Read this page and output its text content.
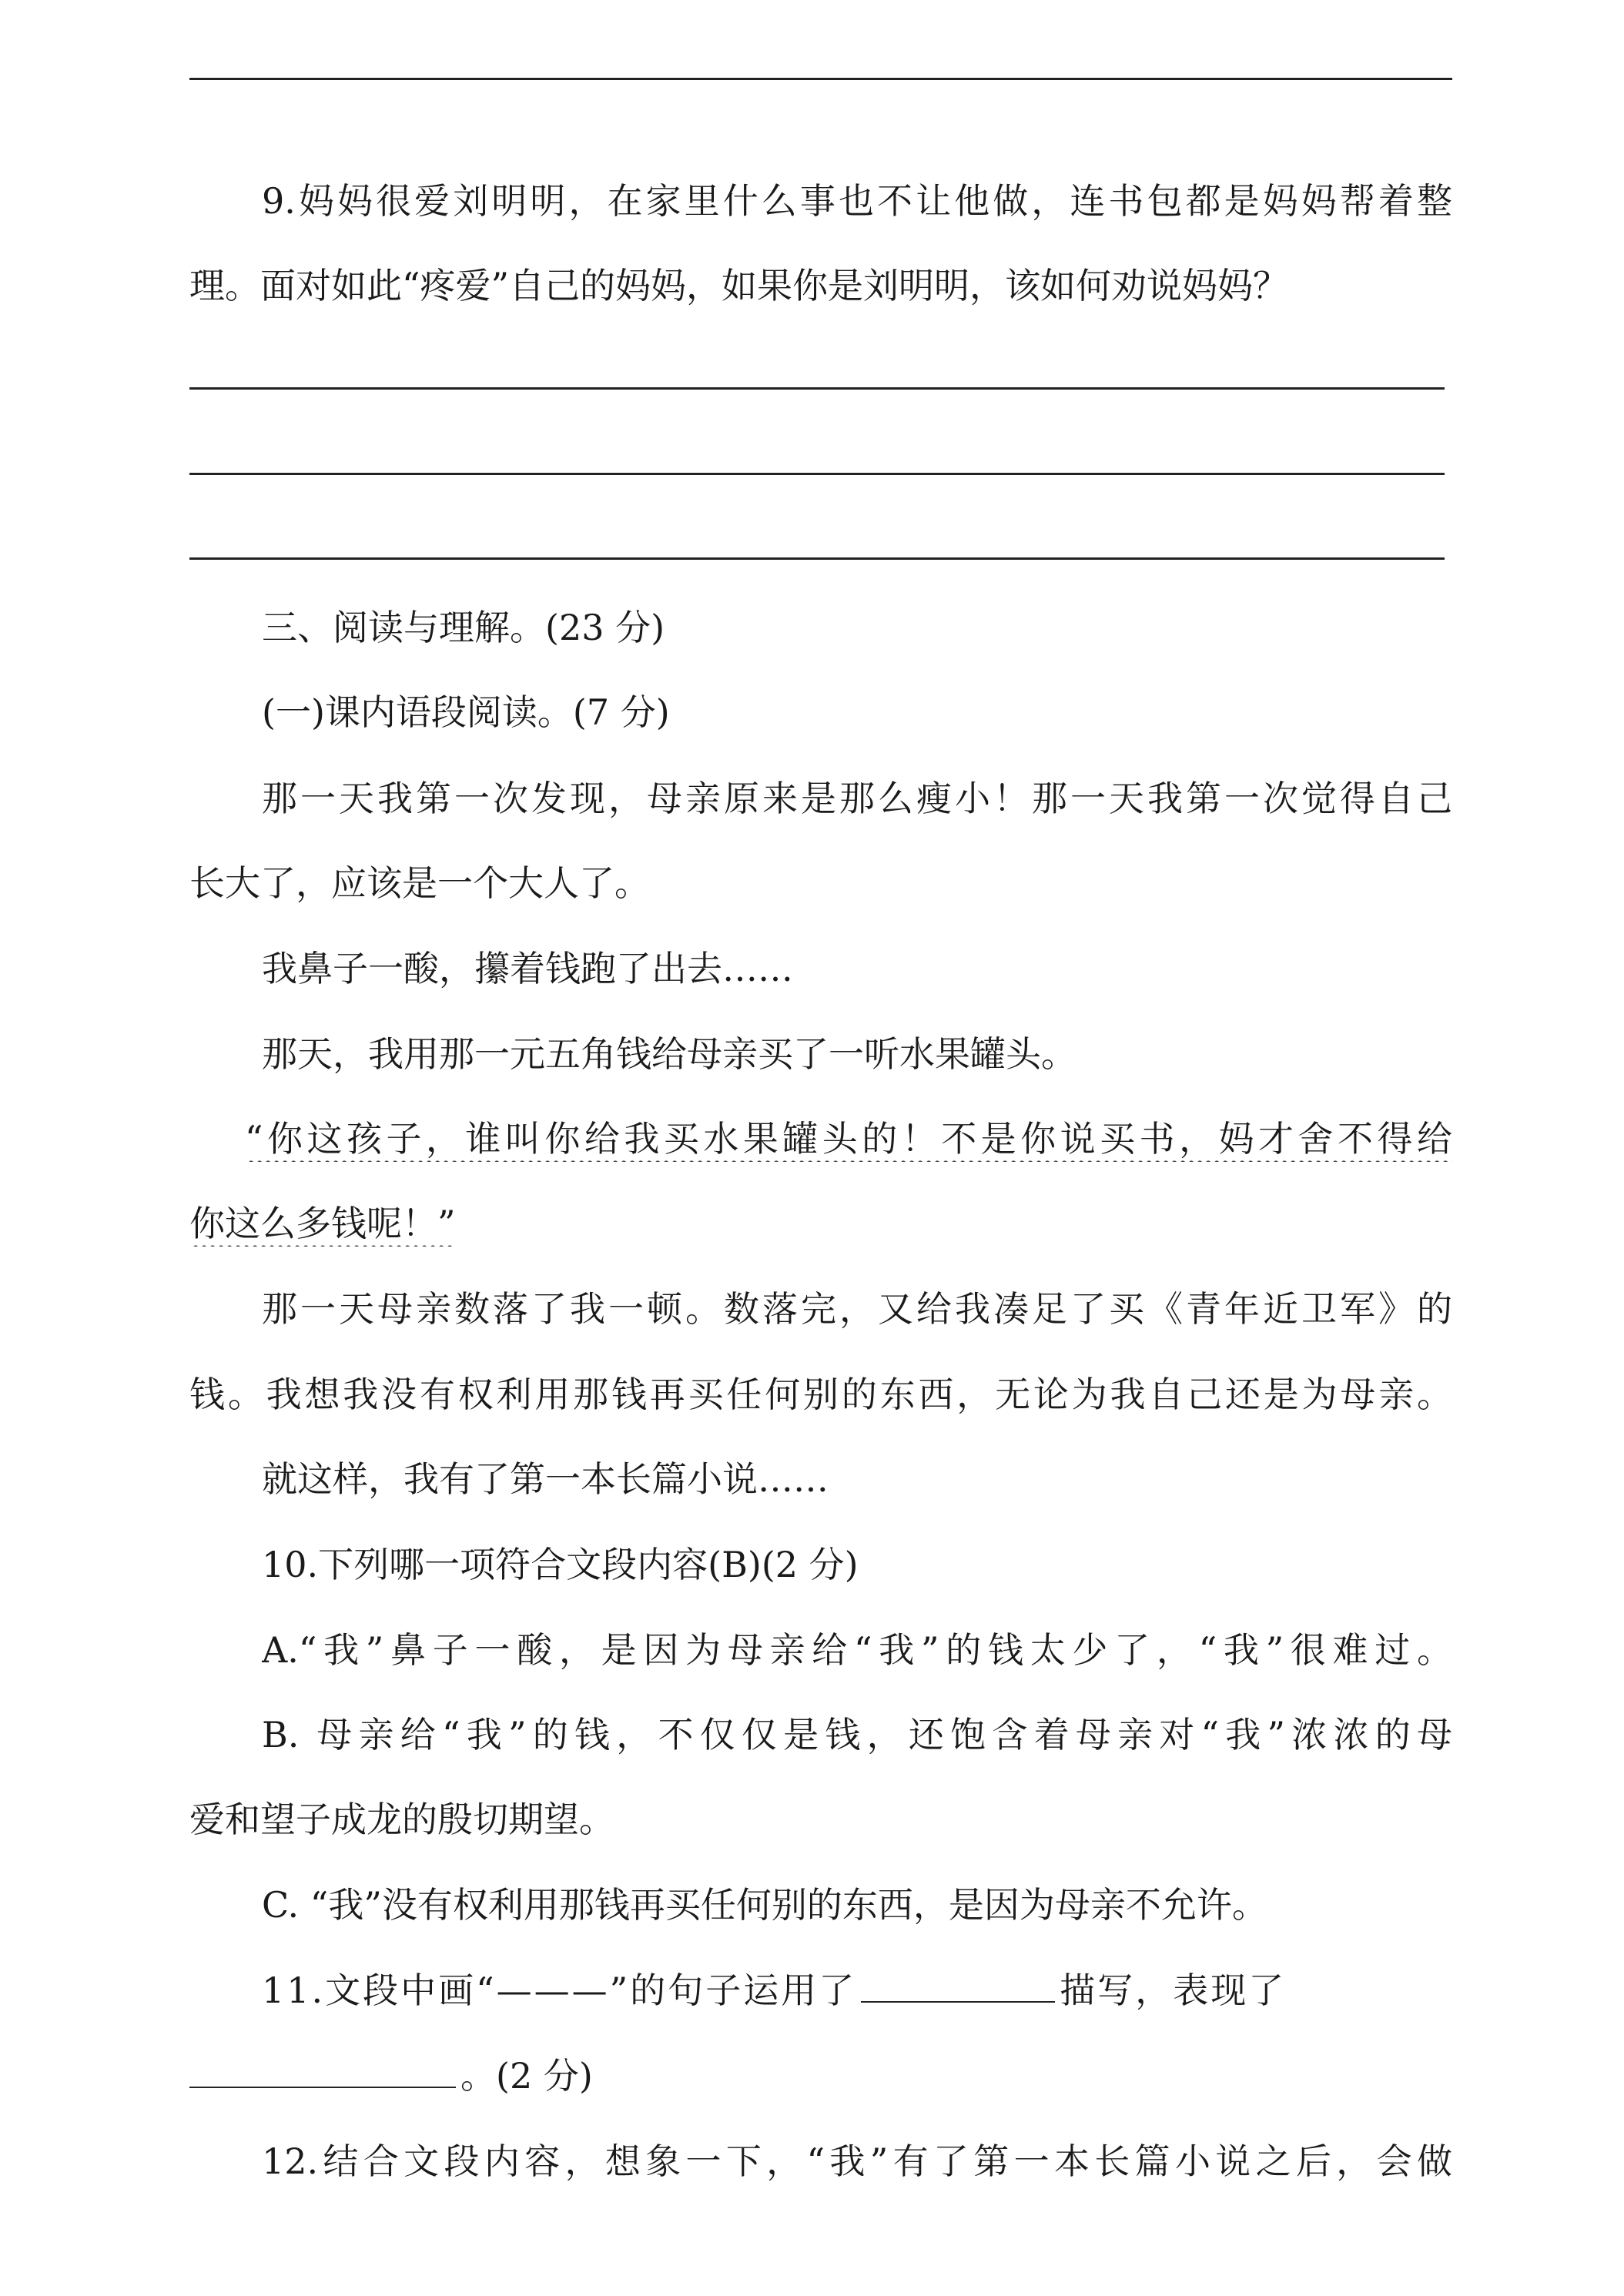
9.妈妈很爱刘明明，在家里什么事也不让他做，连书包都是妈妈帮着整
理。面对如此“疼爱”自己的妈妈，如果你是刘明明，该如何劝说妈妈？
三、阅读与理解。(23 分)
(一)课内语段阅读。(7 分)
那一天我第一次发现，母亲原来是那么瘦小！那一天我第一次觉得自己
长大了，应该是一个大人了。
我鼻子一酸，攥着钱跑了出去……
那天，我用那一元五角钱给母亲买了一听水果罐头。
“你这孩子，谁叫你给我买水果罐头的！不是你说买书，妈才舍不得给
你这么多钱呢！”
那一天母亲数落了我一顿。数落完，又给我凑足了买《青年近卫军》的
钱。我想我没有权利用那钱再买任何别的东西，无论为我自己还是为母亲。
就这样，我有了第一本长篇小说……
10.下列哪一项符合文段内容(B)(2 分)
A.“我”鼻子一酸，是因为母亲给“我”的钱太少了，“我”很难过。
B. 母亲给“我”的钱，不仅仅是钱，还饱含着母亲对“我”浓浓的母
爱和望子成龙的殷切期望。
C. “我”没有权利用那钱再买任何别的东西，是因为母亲不允许。
11.文段中画“———”的句子运用了	描写，表现了
。(2 分)
12.结合文段内容，想象一下，“我”有了第一本长篇小说之后，会做
